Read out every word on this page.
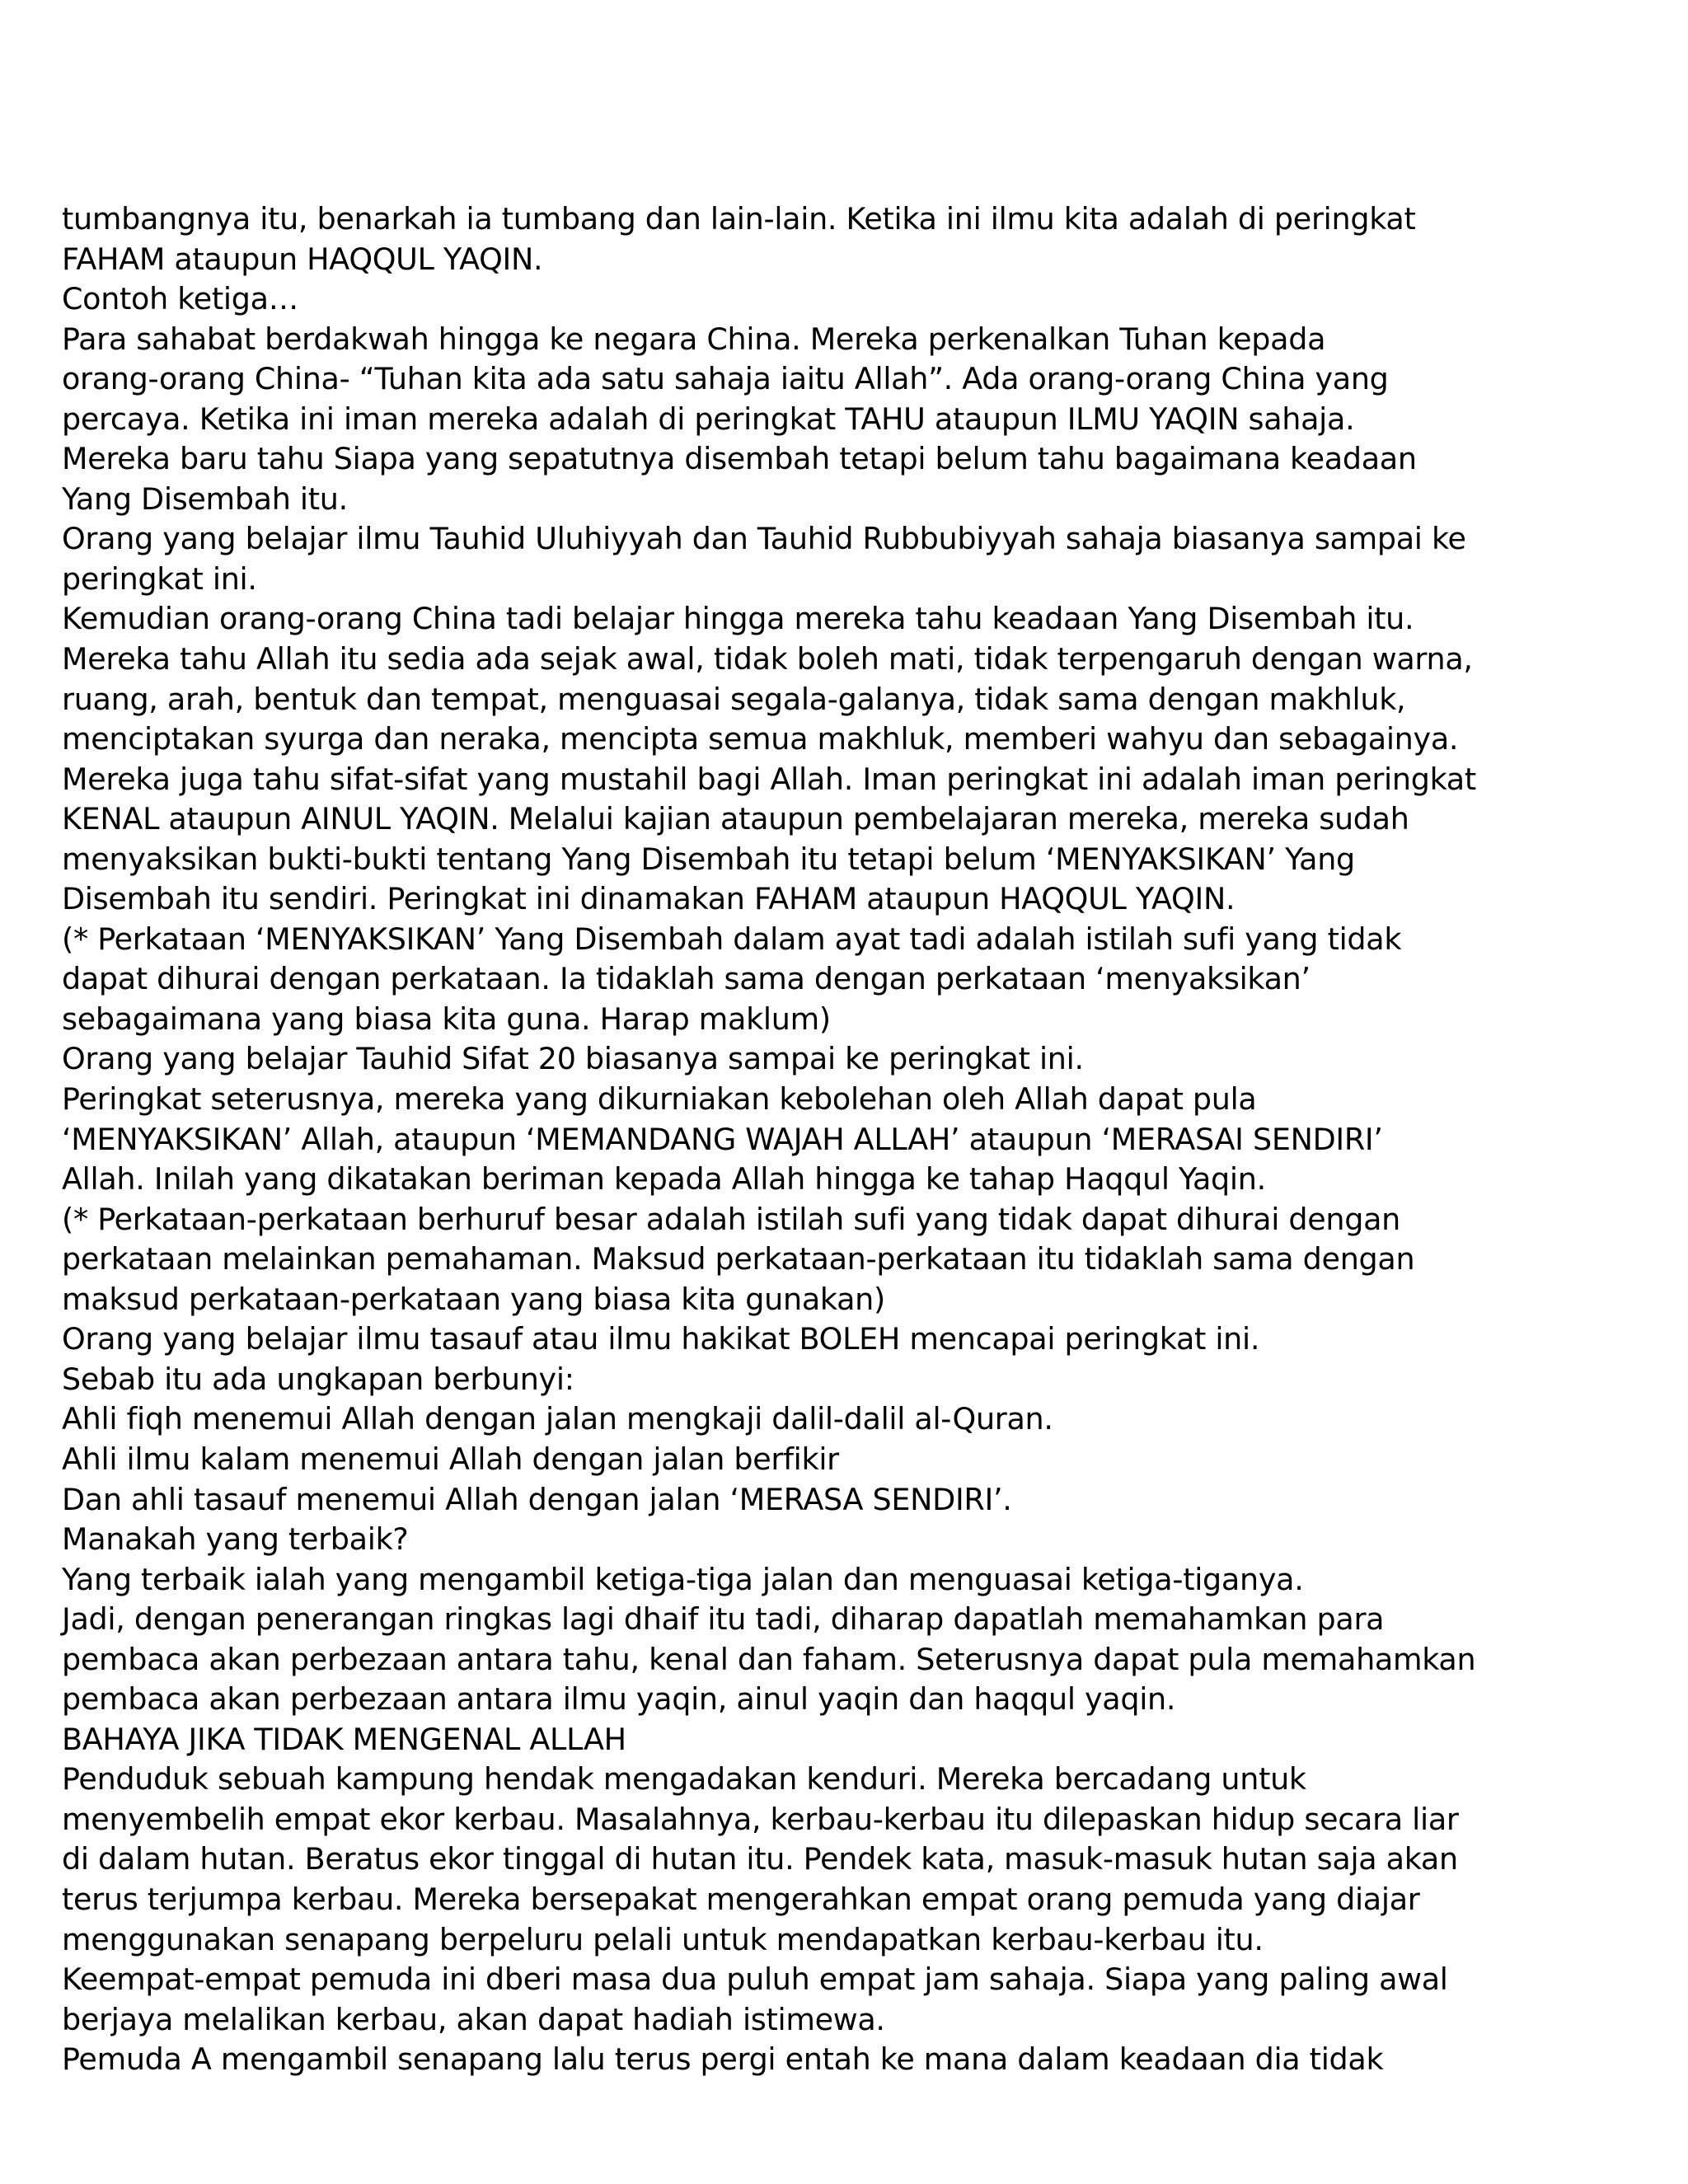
tumbangnya itu, benarkah ia tumbang dan lain-lain. Ketika ini ilmu kita adalah di peringkat
FAHAM ataupun HAQQUL YAQIN.
Contoh ketiga…
Para sahabat berdakwah hingga ke negara China. Mereka perkenalkan Tuhan kepada
orang-orang China- “Tuhan kita ada satu sahaja iaitu Allah”. Ada orang-orang China yang
percaya. Ketika ini iman mereka adalah di peringkat TAHU ataupun ILMU YAQIN sahaja.
Mereka baru tahu Siapa yang sepatutnya disembah tetapi belum tahu bagaimana keadaan
Yang Disembah itu.
Orang yang belajar ilmu Tauhid Uluhiyyah dan Tauhid Rubbubiyyah sahaja biasanya sampai ke
peringkat ini.
Kemudian orang-orang China tadi belajar hingga mereka tahu keadaan Yang Disembah itu.
Mereka tahu Allah itu sedia ada sejak awal, tidak boleh mati, tidak terpengaruh dengan warna,
ruang, arah, bentuk dan tempat, menguasai segala-galanya, tidak sama dengan makhluk,
menciptakan syurga dan neraka, mencipta semua makhluk, memberi wahyu dan sebagainya.
Mereka juga tahu sifat-sifat yang mustahil bagi Allah. Iman peringkat ini adalah iman peringkat
KENAL ataupun AINUL YAQIN. Melalui kajian ataupun pembelajaran mereka, mereka sudah
menyaksikan bukti-bukti tentang Yang Disembah itu tetapi belum ‘MENYAKSIKAN’ Yang
Disembah itu sendiri. Peringkat ini dinamakan FAHAM ataupun HAQQUL YAQIN.
(* Perkataan ‘MENYAKSIKAN’ Yang Disembah dalam ayat tadi adalah istilah sufi yang tidak
dapat dihurai dengan perkataan. Ia tidaklah sama dengan perkataan ‘menyaksikan’
sebagaimana yang biasa kita guna. Harap maklum)
Orang yang belajar Tauhid Sifat 20 biasanya sampai ke peringkat ini.
Peringkat seterusnya, mereka yang dikurniakan kebolehan oleh Allah dapat pula
‘MENYAKSIKAN’ Allah, ataupun ‘MEMANDANG WAJAH ALLAH’ ataupun ‘MERASAI SENDIRI’
Allah. Inilah yang dikatakan beriman kepada Allah hingga ke tahap Haqqul Yaqin.
(* Perkataan-perkataan berhuruf besar adalah istilah sufi yang tidak dapat dihurai dengan
perkataan melainkan pemahaman. Maksud perkataan-perkataan itu tidaklah sama dengan
maksud perkataan-perkataan yang biasa kita gunakan)
Orang yang belajar ilmu tasauf atau ilmu hakikat BOLEH mencapai peringkat ini.
Sebab itu ada ungkapan berbunyi:
Ahli fiqh menemui Allah dengan jalan mengkaji dalil-dalil al-Quran.
Ahli ilmu kalam menemui Allah dengan jalan berfikir
Dan ahli tasauf menemui Allah dengan jalan ‘MERASA SENDIRI’.
Manakah yang terbaik?
Yang terbaik ialah yang mengambil ketiga-tiga jalan dan menguasai ketiga-tiganya.
Jadi, dengan penerangan ringkas lagi dhaif itu tadi, diharap dapatlah memahamkan para
pembaca akan perbezaan antara tahu, kenal dan faham. Seterusnya dapat pula memahamkan
pembaca akan perbezaan antara ilmu yaqin, ainul yaqin dan haqqul yaqin.
BAHAYA JIKA TIDAK MENGENAL ALLAH
Penduduk sebuah kampung hendak mengadakan kenduri. Mereka bercadang untuk
menyembelih empat ekor kerbau. Masalahnya, kerbau-kerbau itu dilepaskan hidup secara liar
di dalam hutan. Beratus ekor tinggal di hutan itu. Pendek kata, masuk-masuk hutan saja akan
terus terjumpa kerbau. Mereka bersepakat mengerahkan empat orang pemuda yang diajar
menggunakan senapang berpeluru pelali untuk mendapatkan kerbau-kerbau itu.
Keempat-empat pemuda ini dberi masa dua puluh empat jam sahaja. Siapa yang paling awal
berjaya melalikan kerbau, akan dapat hadiah istimewa.
Pemuda A mengambil senapang lalu terus pergi entah ke mana dalam keadaan dia tidak
